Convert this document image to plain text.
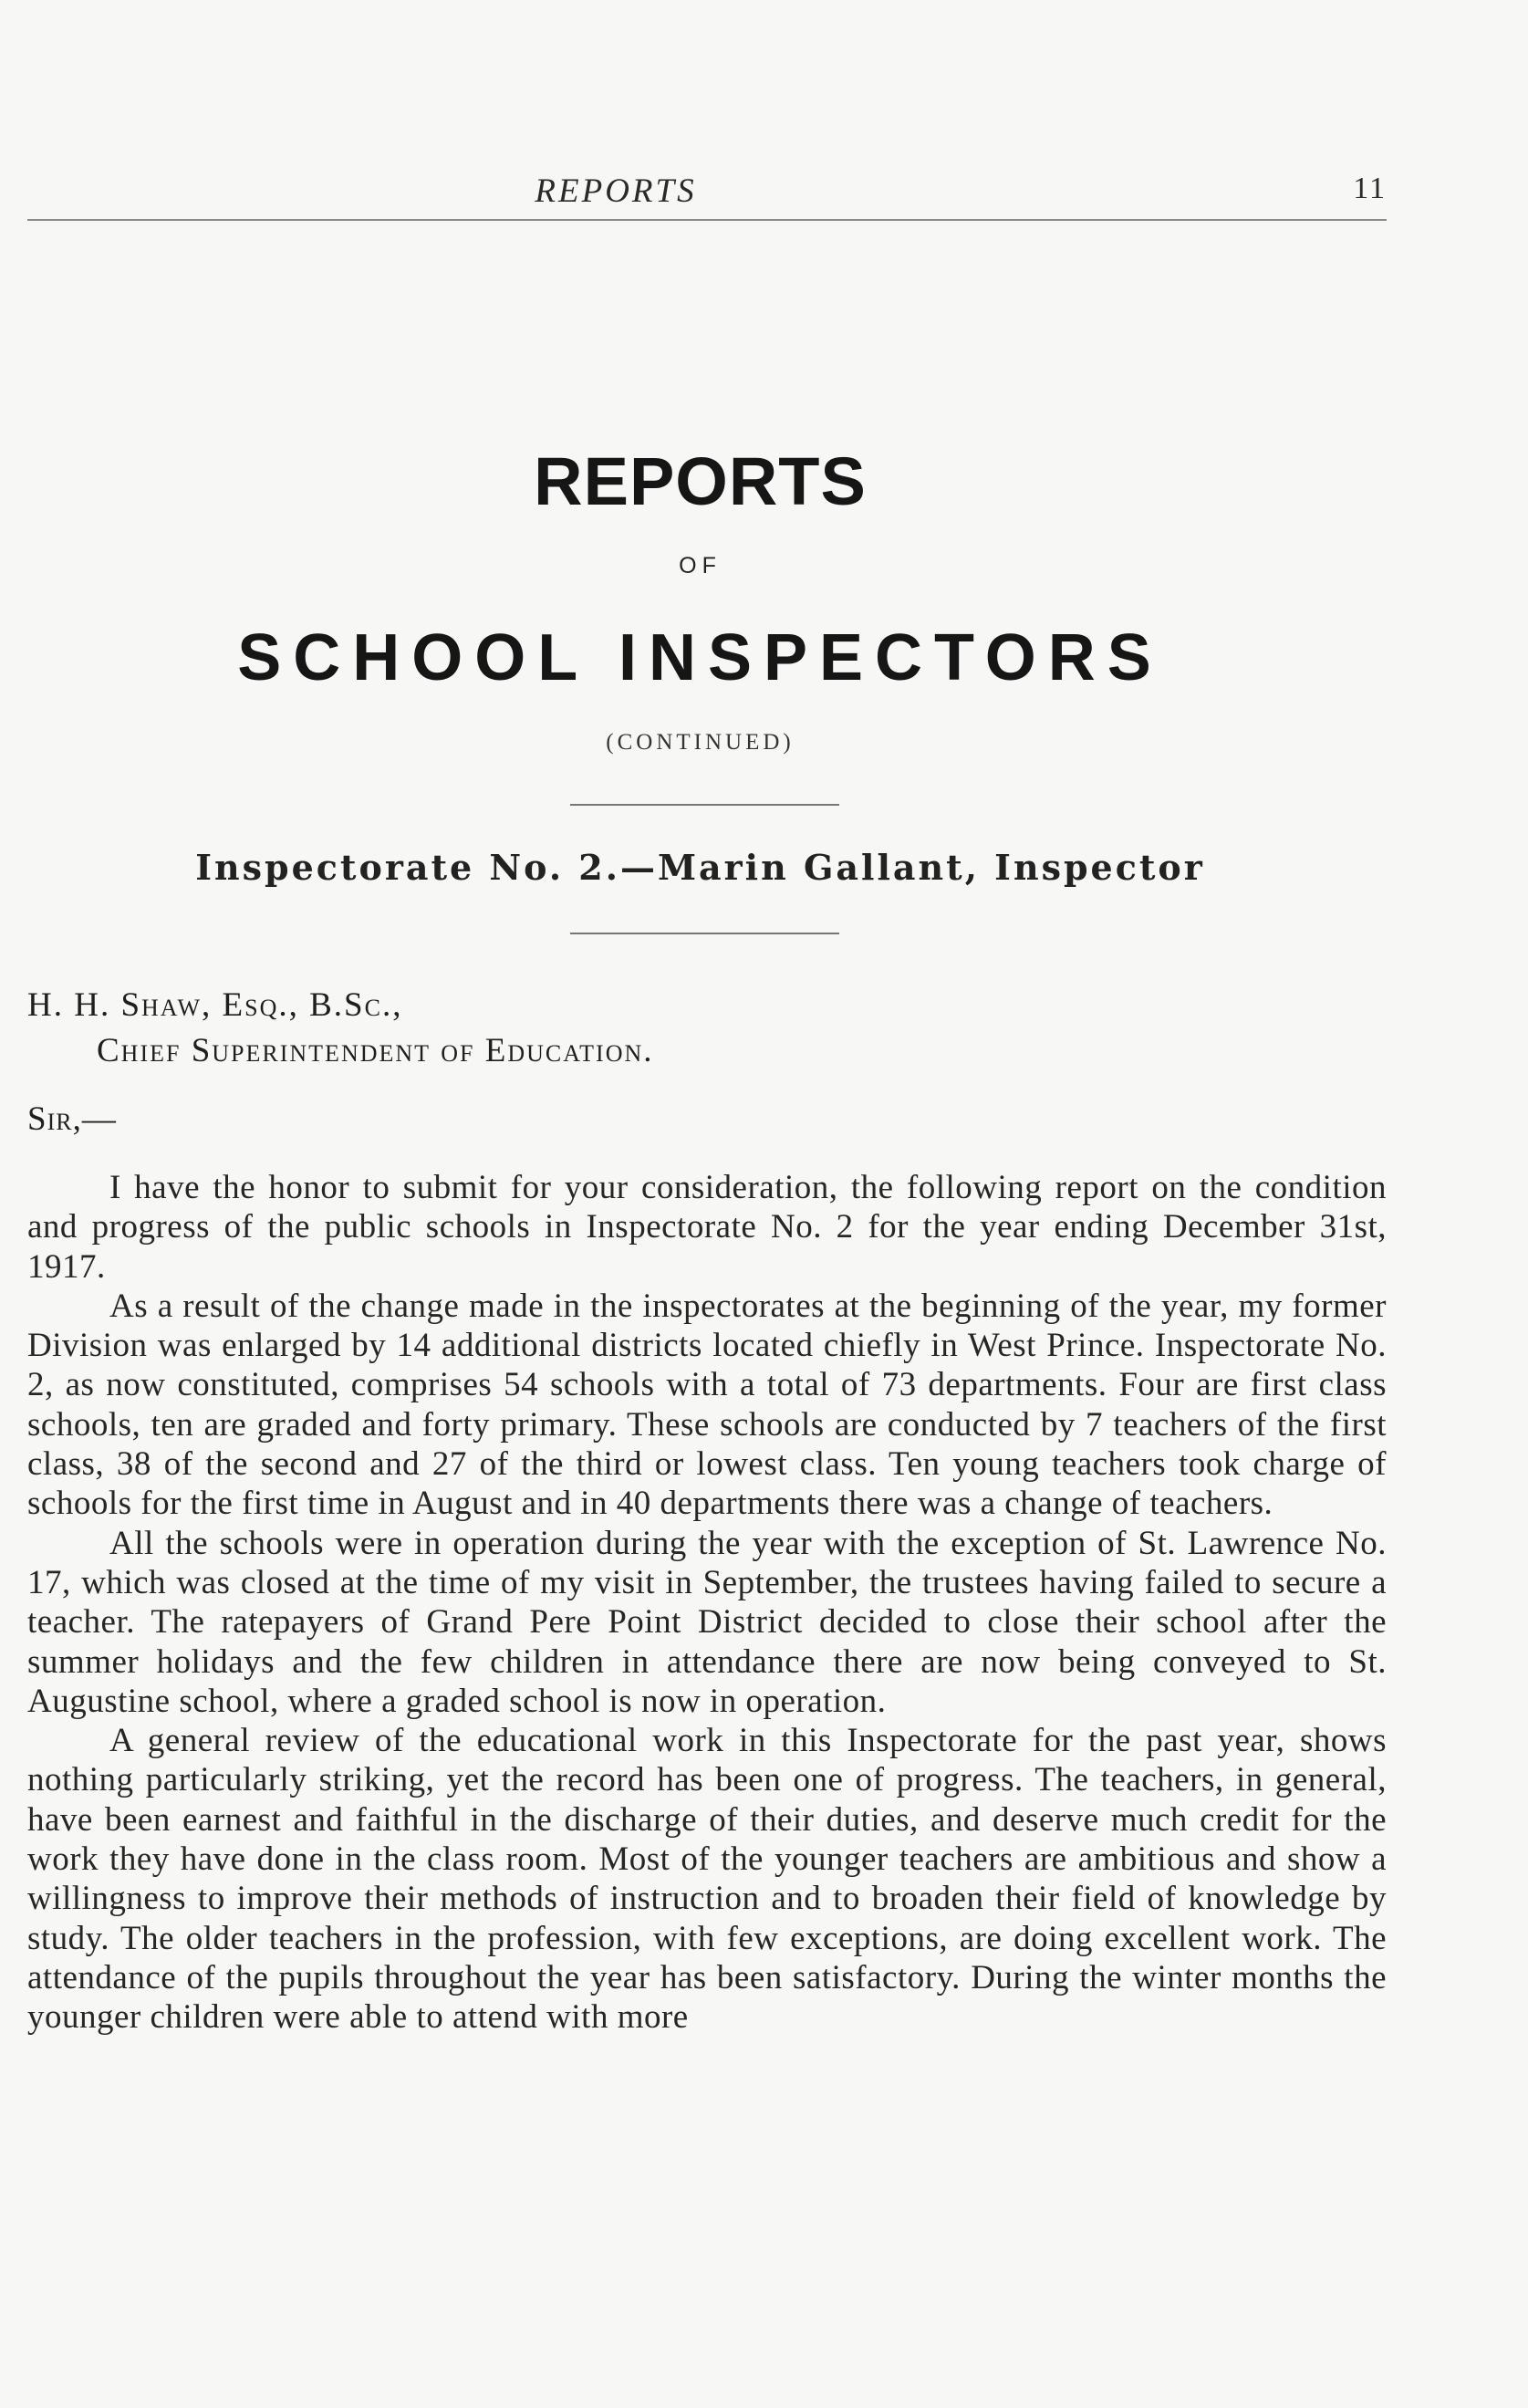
REPORTS	11
REPORTS
OF
SCHOOL INSPECTORS
(CONTINUED)
Inspectorate No. 2.—Marin Gallant, Inspector
H. H. Shaw, Esq., B.Sc.,
Chief Superintendent of Education.
Sir,—

I have the honor to submit for your consideration, the following report on the condition and progress of the public schools in Inspectorate No. 2 for the year ending December 31st, 1917.

As a result of the change made in the inspectorates at the beginning of the year, my former Division was enlarged by 14 additional districts located chiefly in West Prince. Inspectorate No. 2, as now constituted, comprises 54 schools with a total of 73 departments. Four are first class schools, ten are graded and forty primary. These schools are conducted by 7 teachers of the first class, 38 of the second and 27 of the third or lowest class. Ten young teachers took charge of schools for the first time in August and in 40 departments there was a change of teachers.

All the schools were in operation during the year with the exception of St. Lawrence No. 17, which was closed at the time of my visit in September, the trustees having failed to secure a teacher. The ratepayers of Grand Pere Point District decided to close their school after the summer holidays and the few children in attendance there are now being conveyed to St. Augustine school, where a graded school is now in operation.

A general review of the educational work in this Inspectorate for the past year, shows nothing particularly striking, yet the record has been one of progress. The teachers, in general, have been earnest and faithful in the discharge of their duties, and deserve much credit for the work they have done in the class room. Most of the younger teachers are ambitious and show a willingness to improve their methods of instruction and to broaden their field of knowledge by study. The older teachers in the profession, with few exceptions, are doing excellent work. The attendance of the pupils throughout the year has been satisfactory. During the winter months the younger children were able to attend with more
